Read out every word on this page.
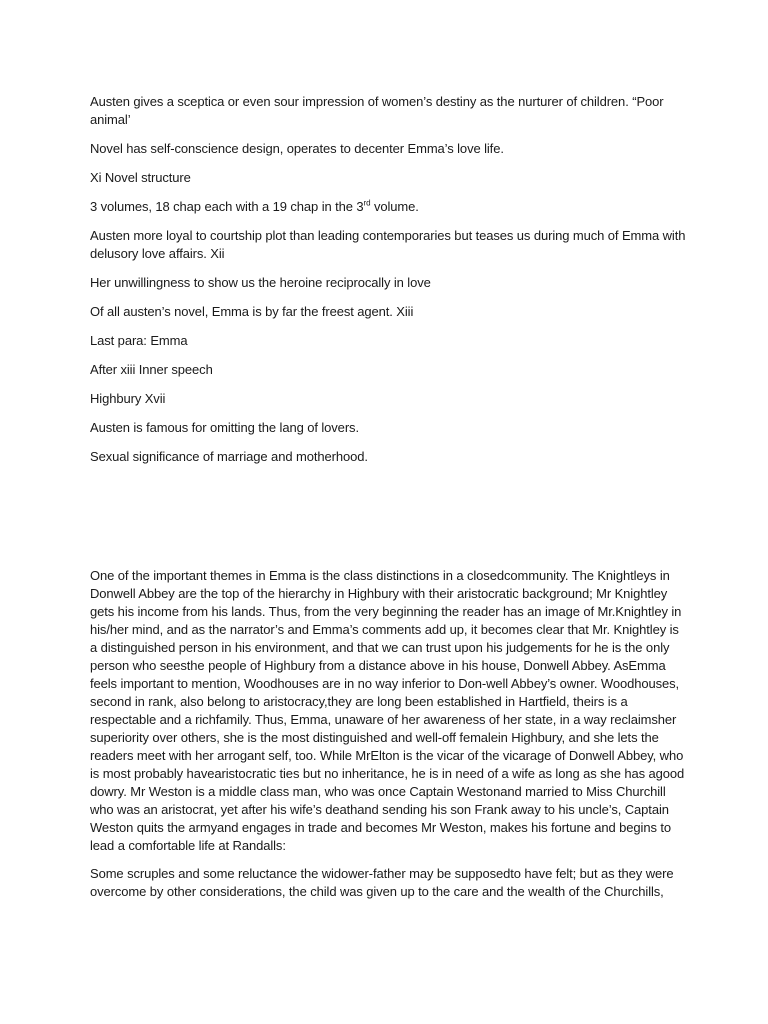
Austen gives a sceptica or even sour impression of women’s destiny as the nurturer of children. “Poor animal’

Novel has self-conscience design, operates to decenter Emma’s love life.

Xi Novel structure

3 volumes, 18 chap each with a 19 chap in the 3rd volume.

Austen more loyal to courtship plot than leading contemporaries but teases us during much of Emma with delusory love affairs. Xii

Her unwillingness to show us the heroine reciprocally in love

Of all austen’s novel, Emma is by far the freest agent. Xiii

Last para: Emma

After xiii Inner speech

Highbury Xvii

Austen is famous for omitting the lang of lovers.

Sexual significance of marriage and motherhood.

One of the important themes in Emma is the class distinctions in a closedcommunity. The Knightleys in Donwell Abbey are the top of the hierarchy in Highbury with their aristocratic background; Mr Knightley gets his income from his lands. Thus, from the very beginning the reader has an image of Mr.Knightley in his/her mind, and as the narrator’s and Emma’s comments add up, it becomes clear that Mr. Knightley is a distinguished person in his environment, and that we can trust upon his judgements for he is the only person who seesthe people of Highbury from a distance above in his house, Donwell Abbey. AsEmma feels important to mention, Woodhouses are in no way inferior to Don-well Abbey’s owner. Woodhouses, second in rank, also belong to aristocracy,they are long been established in Hartfield, theirs is a respectable and a richfamily. Thus, Emma, unaware of her awareness of her state, in a way reclaimsher superiority over others, she is the most distinguished and well-off femalein Highbury, and she lets the readers meet with her arrogant self, too. While MrElton is the vicar of the vicarage of Donwell Abbey, who is most probably havearistocratic ties but no inheritance, he is in need of a wife as long as she has agood dowry. Mr Weston is a middle class man, who was once Captain Westonand married to Miss Churchill who was an aristocrat, yet after his wife’s deathand sending his son Frank away to his uncle’s, Captain Weston quits the armyand engages in trade and becomes Mr Weston, makes his fortune and begins to lead a comfortable life at Randalls:

Some scruples and some reluctance the widower-father may be supposedto have felt; but as they were overcome by other considerations, the child was given up to the care and the wealth of the Churchills,
